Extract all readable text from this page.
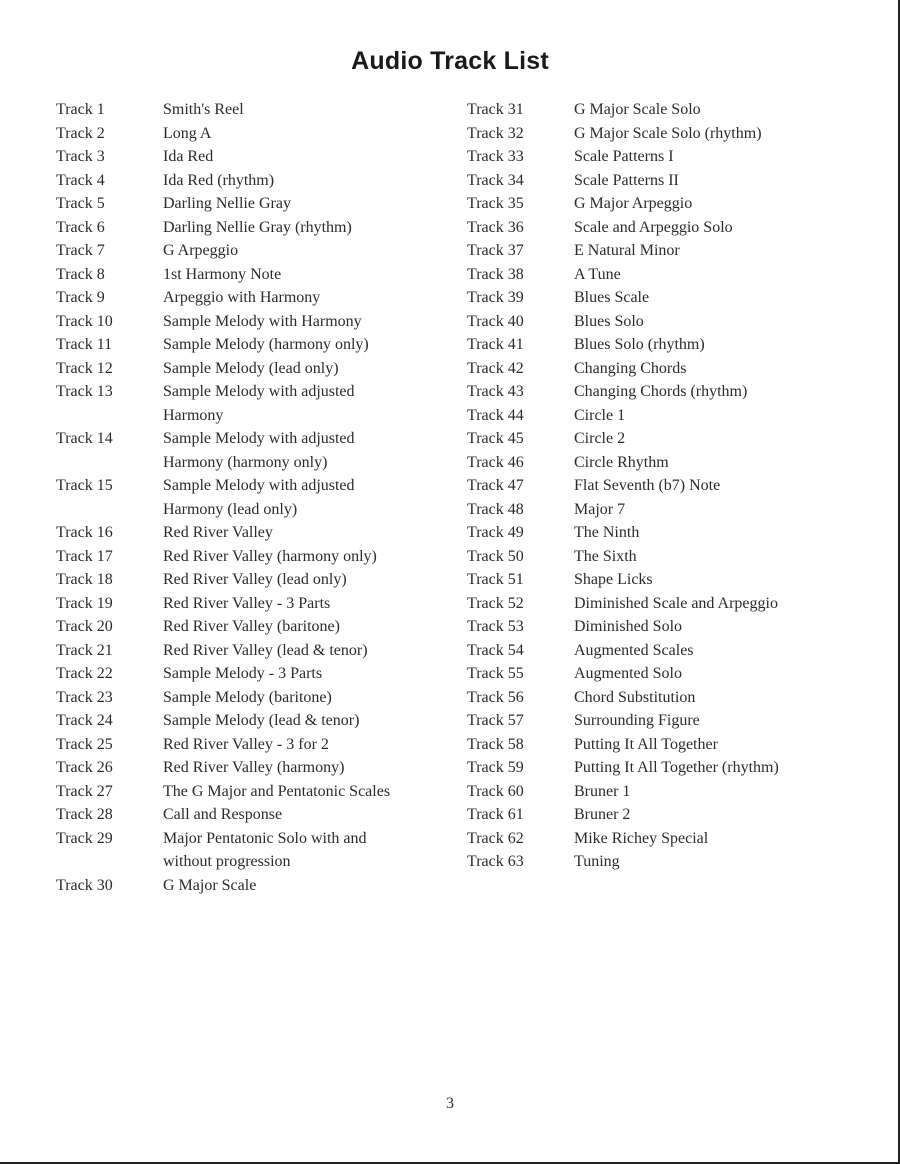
Audio Track List
Track 1	Smith's Reel
Track 2	Long A
Track 3	Ida Red
Track 4	Ida Red (rhythm)
Track 5	Darling Nellie Gray
Track 6	Darling Nellie Gray (rhythm)
Track 7	G Arpeggio
Track 8	1st Harmony Note
Track 9	Arpeggio with Harmony
Track 10	Sample Melody with Harmony
Track 11	Sample Melody (harmony only)
Track 12	Sample Melody (lead only)
Track 13	Sample Melody with adjusted Harmony
Track 14	Sample Melody with adjusted Harmony (harmony only)
Track 15	Sample Melody with adjusted Harmony (lead only)
Track 16	Red River Valley
Track 17	Red River Valley (harmony only)
Track 18	Red River Valley (lead only)
Track 19	Red River Valley - 3 Parts
Track 20	Red River Valley (baritone)
Track 21	Red River Valley (lead & tenor)
Track 22	Sample Melody - 3 Parts
Track 23	Sample Melody (baritone)
Track 24	Sample Melody (lead & tenor)
Track 25	Red River Valley - 3 for 2
Track 26	Red River Valley (harmony)
Track 27	The G Major and Pentatonic Scales
Track 28	Call and Response
Track 29	Major Pentatonic Solo with and without progression
Track 30	G Major Scale
Track 31	G Major Scale Solo
Track 32	G Major Scale Solo (rhythm)
Track 33	Scale Patterns I
Track 34	Scale Patterns II
Track 35	G Major Arpeggio
Track 36	Scale and Arpeggio Solo
Track 37	E Natural Minor
Track 38	A Tune
Track 39	Blues Scale
Track 40	Blues Solo
Track 41	Blues Solo (rhythm)
Track 42	Changing Chords
Track 43	Changing Chords (rhythm)
Track 44	Circle 1
Track 45	Circle 2
Track 46	Circle Rhythm
Track 47	Flat Seventh (b7) Note
Track 48	Major 7
Track 49	The Ninth
Track 50	The Sixth
Track 51	Shape Licks
Track 52	Diminished Scale and Arpeggio
Track 53	Diminished Solo
Track 54	Augmented Scales
Track 55	Augmented Solo
Track 56	Chord Substitution
Track 57	Surrounding Figure
Track 58	Putting It All Together
Track 59	Putting It All Together (rhythm)
Track 60	Bruner 1
Track 61	Bruner 2
Track 62	Mike Richey Special
Track 63	Tuning
3
